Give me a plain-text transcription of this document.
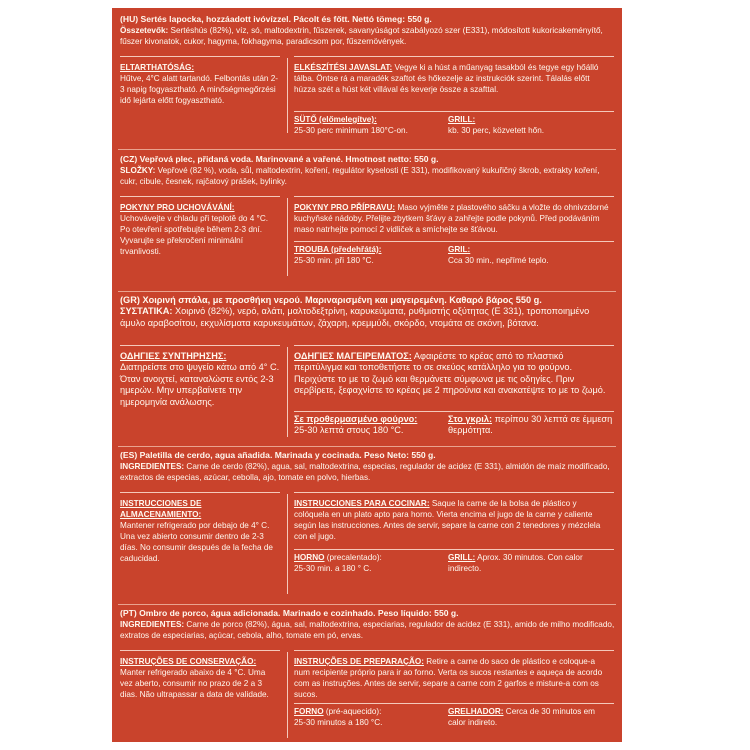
(HU) Sertés lapocka, hozzáadott ivóvízzel. Pácolt és főtt. Nettó tömeg: 550 g.
Összetevők: Sertéshús (82%), víz, só, maltodextrin, fűszerek, savanyúságot szabályozó szer (E331), módosított kukoricakeményítő, fűszer kivonatok, cukor, hagyma, fokhagyma, paradicsom por, fűszernövények.
ELTARTHATÓSÁG:
Hűtve, 4°C alatt tartandó. Felbontás után 2-3 napig fogyasztható. A minőségmegőrzési idő lejárta előtt fogyasztható.
ELKÉSZÍTÉSI JAVASLAT: Vegye ki a húst a műanyag tasakból és tegye egy hőálló tálba. Öntse rá a maradék szaftot és hőkezelje az instrukciók szerint. Tálalás előtt húzza szét a húst két villával és keverje össze a szafttal.
SÜTŐ (előmelegítve):
25-30 perc minimum 180°C-on.
GRILL:
kb. 30 perc, közvetett hőn.
(CZ) Vepřová plec, přidaná voda. Marinované a vařené. Hmotnost netto: 550 g.
SLOŽKY: Vepřové (82 %), voda, sůl, maltodextrin, koření, regulátor kyselosti (E 331), modifikovaný kukuřičný škrob, extrakty koření, cukr, cibule, česnek, rajčatový prášek, bylinky.
POKYNY PRO UCHOVÁVÁNÍ:
Uchovávejte v chladu při teplotě do 4 °C. Po otevření spotřebujte během 2-3 dní. Vyvarujte se překročení minimální trvanlivosti.
POKYNY PRO PŘÍPRAVU: Maso vyjměte z plastového sáčku a vložte do ohnivzdorné kuchyňské nádoby. Přelijte zbytkem šťávy a zahřejte podle pokynů. Před podáváním maso natrhejte pomocí 2 vidliček a smíchejte se šťávou.
TROUBA (předehřátá):
25-30 min. při 180 °C.
GRIL:
Cca 30 min., nepřímé teplo.
(GR) Χοιρινή σπάλα, με προσθήκη νερού. Μαριναρισμένη και μαγειρεμένη. Καθαρό βάρος 550 g.
ΣΥΣΤΑΤΙΚΑ: Χοιρινό (82%), νερό, αλάτι, μαλτοδεξτρίνη, καρυκεύματα, ρυθμιστής οξύτητας (E 331), τροποποιημένο άμυλο αραβοσίτου, εκχυλίσματα καρυκευμάτων, ζάχαρη, κρεμμύδι, σκόρδο, ντομάτα σε σκόνη, βότανα.
ΟΔΗΓΙΕΣ ΣΥΝΤΗΡΗΣΗΣ:
Διατηρείστε στο ψυγείο κάτω από 4° C. Όταν ανοιχτεί, καταναλώστε εντός 2-3 ημερών. Μην υπερβαίνετε την ημερομηνία ανάλωσης.
ΟΔΗΓΙΕΣ ΜΑΓΕΙΡΕΜΑΤΟΣ: Αφαιρέστε το κρέας από το πλαστικό περιτύλιγμα και τοποθετήστε το σε σκεύος κατάλληλο για το φούρνο. Περιχύστε το με το ζωμό και θερμάνετε σύμφωνα με τις οδηγίες. Πριν σερβίρετε, ξεφαχνίστε το κρέας με 2 πηρούνια και ανακατέψτε το με το ζωμό.
Σε προθερμασμένο φούρνο:
25-30 λεπτά στους 180 °C.
Στο γκριλ: περίπου 30 λεπτά σε έμμεση θερμότητα.
(ES) Paletilla de cerdo, agua añadida. Marinada y cocinada. Peso Neto: 550 g.
INGREDIENTES: Carne de cerdo (82%), agua, sal, maltodextrina, especias, regulador de acidez (E 331), almidón de maíz modificado, extractos de especias, azúcar, cebolla, ajo, tomate en polvo, hierbas.
INSTRUCCIONES DE ALMACENAMIENTO:
Mantener refrigerado por debajo de 4° C. Una vez abierto consumir dentro de 2-3 días. No consumir después de la fecha de caducidad.
INSTRUCCIONES PARA COCINAR: Saque la carne de la bolsa de plástico y colóquela en un plato apto para horno. Vierta encima el jugo de la carne y caliente según las instrucciones. Antes de servir, separe la carne con 2 tenedores y mézclela con el jugo.
HORNO (precalentado):
25-30 min. a 180 ° C.
GRILL: Aprox. 30 minutos. Con calor indirecto.
(PT) Ombro de porco, água adicionada. Marinado e cozinhado. Peso líquido: 550 g.
INGREDIENTES: Carne de porco (82%), água, sal, maltodextrina, especiarias, regulador de acidez (E 331), amido de milho modificado, extratos de especiarias, açúcar, cebola, alho, tomate em pó, ervas.
INSTRUÇÕES DE CONSERVAÇÃO:
Manter refrigerado abaixo de 4 °C. Uma vez aberto, consumir no prazo de 2 a 3 dias. Não ultrapassar a data de validade.
INSTRUÇÕES DE PREPARAÇÃO: Retire a carne do saco de plástico e coloque-a num recipiente próprio para ir ao forno. Verta os sucos restantes e aqueça de acordo com as instruções. Antes de servir, separe a carne com 2 garfos e misture-a com os sucos.
FORNO (pré-aquecido):
25-30 minutos a 180 °C.
GRELHADOR: Cerca de 30 minutos em calor indireto.
